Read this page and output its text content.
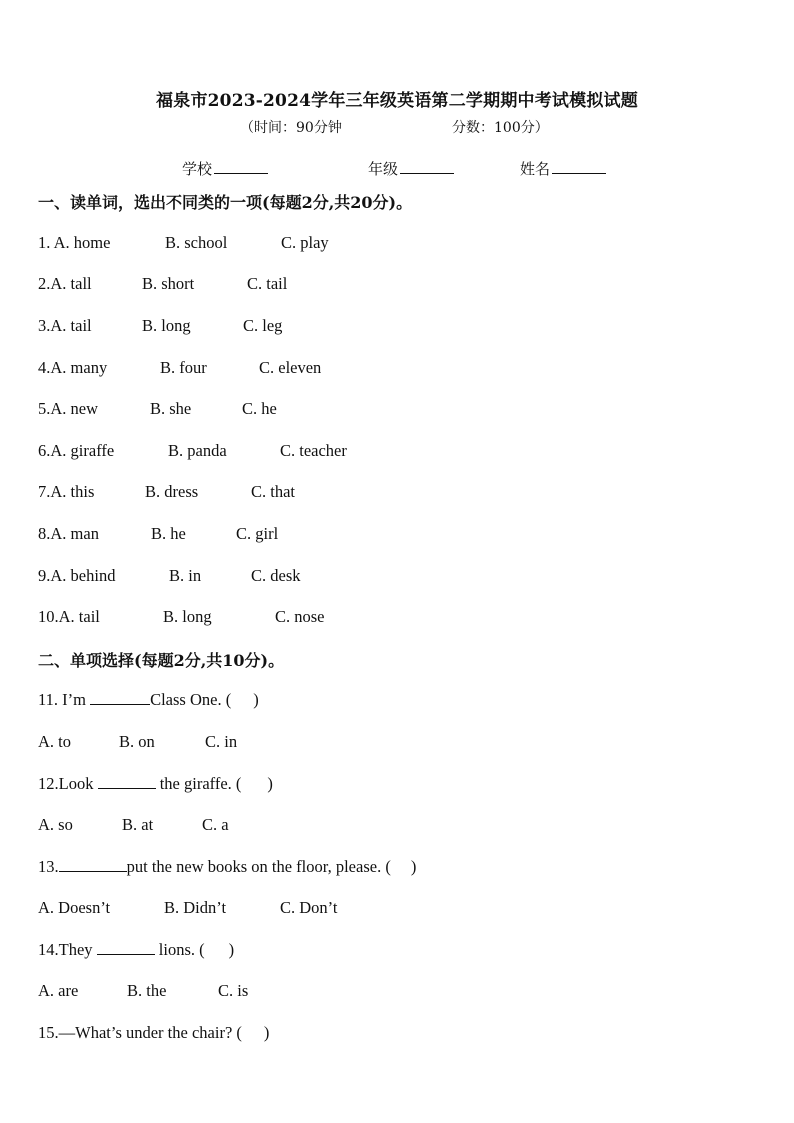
福泉市2023-2024学年三年级英语第二学期期中考试模拟试题
（时间：90分钟	分数：100分）
学校	年级	姓名
一、读单词，选出不同类的一项(每题2分,共20分)。
1. A. home	B. school	C. play
2.A. tall	B. short	C. tail
3.A. tail	B. long	C. leg
4.A. many	B. four	C. eleven
5.A. new	B. she	C. he
6.A. giraffe	B. panda	C. teacher
7.A. this	B. dress	C. that
8.A. man	B. he	C. girl
9.A. behind	B. in	C. desk
10.A. tail	B. long	C. nose
二、单项选择(每题2分,共10分)。
11. I’m	Class One. ( )
A. to	B. on	C. in
12.Look	the giraffe. ( )
A. so	B. at	C. a
13.	put the new books on the floor, please. ( )
A. Doesn’t	B. Didn’t	C. Don’t
14.They	lions. ( )
A. are	B. the	C. is
15.—What’s under the chair? ( )
